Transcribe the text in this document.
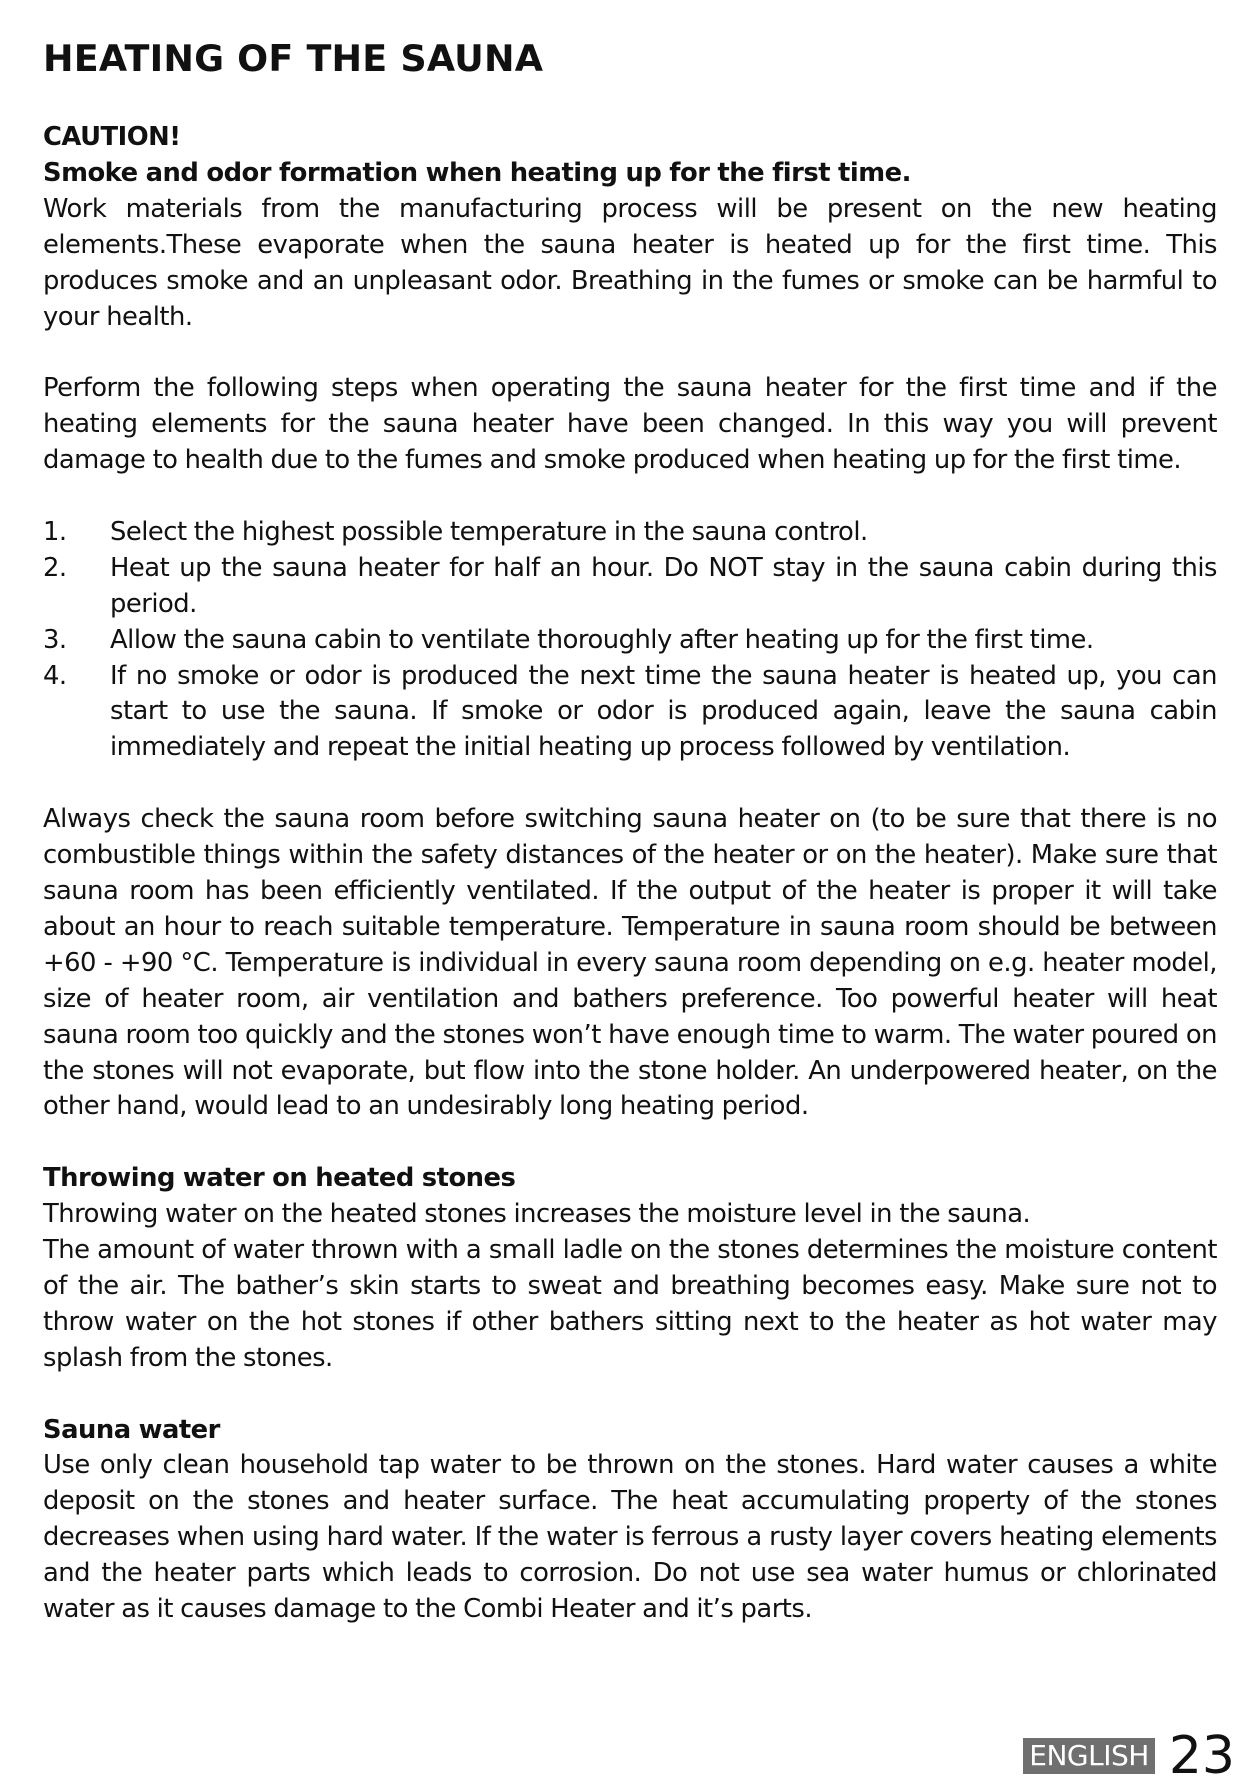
HEATING OF THE SAUNA

CAUTION!

Smoke and odor formation when heating up for the first time.

Work materials from the manufacturing process will be present on the new heating elements.These evaporate when the sauna heater is heated up for the first time. This produces smoke and an unpleasant odor. Breathing in the fumes or smoke can be harmful to your health.

Perform the following steps when operating the sauna heater for the first time and if the heating elements for the sauna heater have been changed. In this way you will prevent damage to health due to the fumes and smoke produced when heating up for the first time.

1. Select the highest possible temperature in the sauna control.
2. Heat up the sauna heater for half an hour. Do NOT stay in the sauna cabin during this period.
3. Allow the sauna cabin to ventilate thoroughly after heating up for the first time.
4. If no smoke or odor is produced the next time the sauna heater is heated up, you can start to use the sauna. If smoke or odor is produced again, leave the sauna cabin immediately and repeat the initial heating up process followed by ventilation.

Always check the sauna room before switching sauna heater on (to be sure that there is no combustible things within the safety distances of the heater or on the heater). Make sure that sauna room has been efficiently ventilated. If the output of the heater is proper it will take about an hour to reach suitable temperature. Temperature in sauna room should be between +60 - +90 °C. Temperature is individual in every sauna room depending on e.g. heater model, size of heater room, air ventilation and bathers preference. Too powerful heater will heat sauna room too quickly and the stones won’t have enough time to warm. The water poured on the stones will not evaporate, but flow into the stone holder. An underpowered heater, on the other hand, would lead to an undesirably long heating period.

Throwing water on heated stones

Throwing water on the heated stones increases the moisture level in the sauna.

The amount of water thrown with a small ladle on the stones determines the moisture content of the air. The bather’s skin starts to sweat and breathing becomes easy. Make sure not to throw water on the hot stones if other bathers sitting next to the heater as hot water may splash from the stones.

Sauna water

Use only clean household tap water to be thrown on the stones. Hard water causes a white deposit on the stones and heater surface. The heat accumulating property of the stones decreases when using hard water. If the water is ferrous a rusty layer covers heating elements and the heater parts which leads to corrosion. Do not use sea water humus or chlorinated water as it causes damage to the Combi Heater and it’s parts.

ENGLISH 23
